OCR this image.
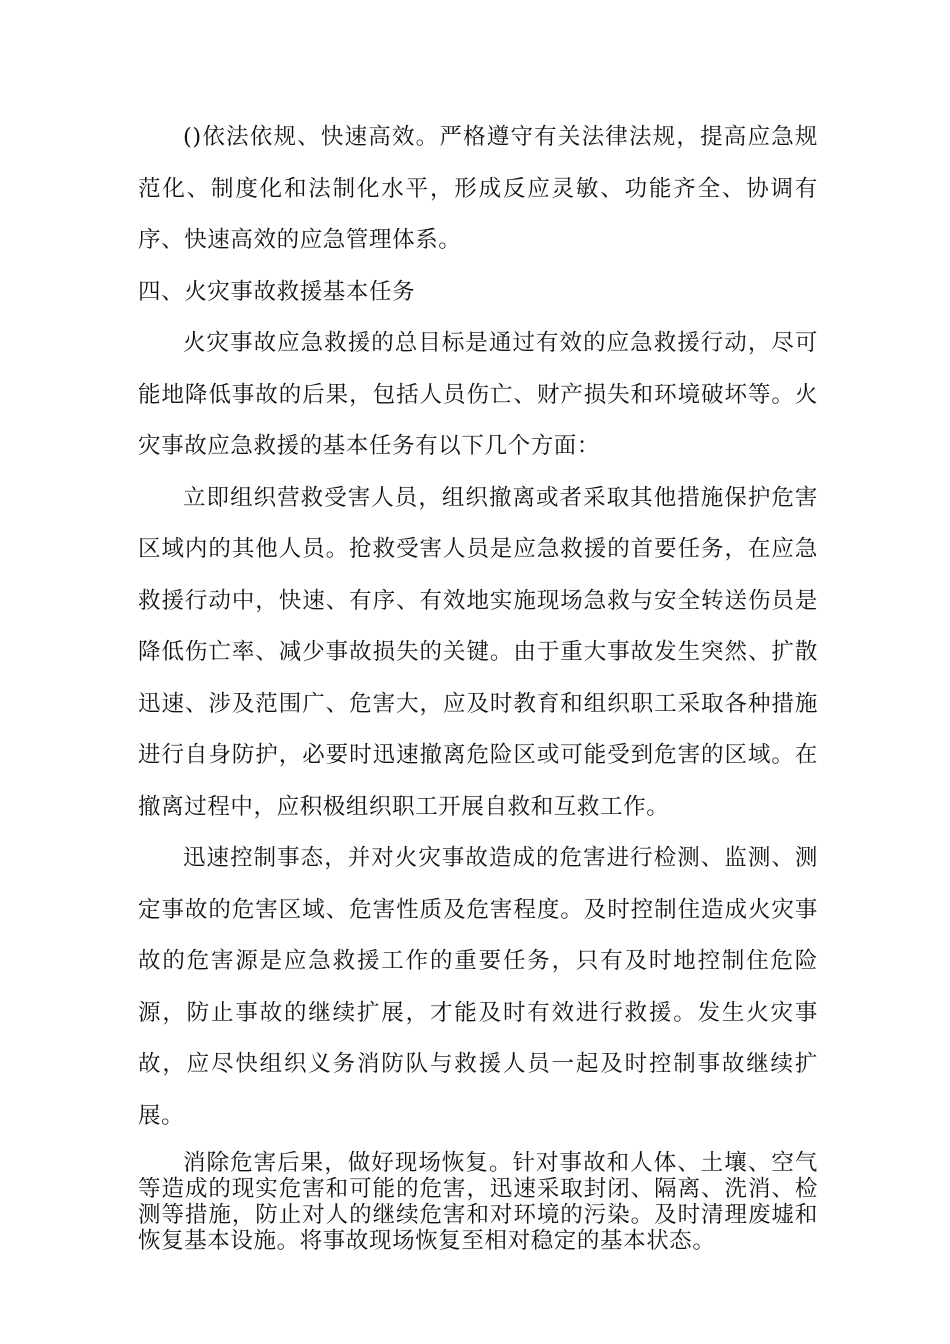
()依法依规、快速高效。严格遵守有关法律法规，提高应急规范化、制度化和法制化水平，形成反应灵敏、功能齐全、协调有序、快速高效的应急管理体系。

四、火灾事故救援基本任务

火灾事故应急救援的总目标是通过有效的应急救援行动，尽可能地降低事故的后果，包括人员伤亡、财产损失和环境破坏等。火灾事故应急救援的基本任务有以下几个方面：

立即组织营救受害人员，组织撤离或者采取其他措施保护危害区域内的其他人员。抢救受害人员是应急救援的首要任务，在应急救援行动中，快速、有序、有效地实施现场急救与安全转送伤员是降低伤亡率、减少事故损失的关键。由于重大事故发生突然、扩散迅速、涉及范围广、危害大，应及时教育和组织职工采取各种措施进行自身防护，必要时迅速撤离危险区或可能受到危害的区域。在撤离过程中，应积极组织职工开展自救和互救工作。

迅速控制事态，并对火灾事故造成的危害进行检测、监测、测定事故的危害区域、危害性质及危害程度。及时控制住造成火灾事故的危害源是应急救援工作的重要任务，只有及时地控制住危险源，防止事故的继续扩展，才能及时有效进行救援。发生火灾事故，应尽快组织义务消防队与救援人员一起及时控制事故继续扩展。

消除危害后果，做好现场恢复。针对事故和人体、土壤、空气等造成的现实危害和可能的危害，迅速采取封闭、隔离、洗消、检测等措施，防止对人的继续危害和对环境的污染。及时清理废墟和恢复基本设施。将事故现场恢复至相对稳定的基本状态。
